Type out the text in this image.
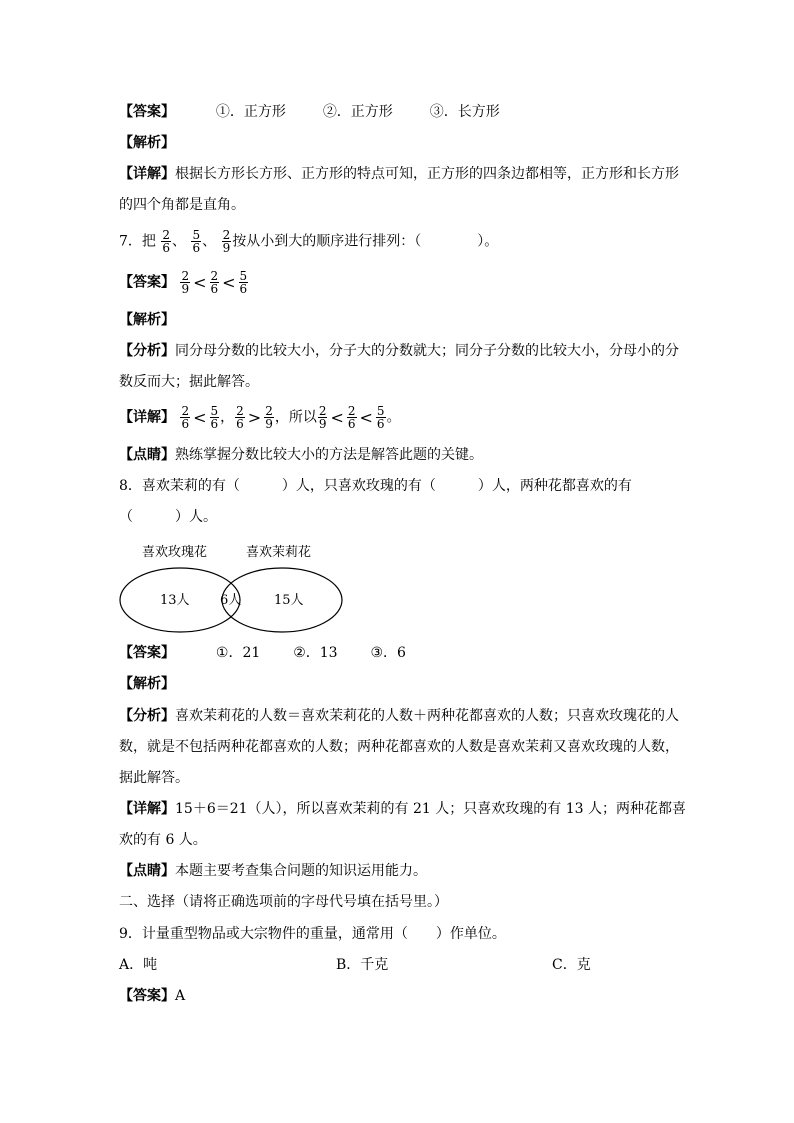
【答案】	①．正方形	②．正方形	③．长方形
【解析】
【详解】根据长方形长方形、正方形的特点可知，正方形的四条边都相等，正方形和长方形
的四个角都是直角。
7．把 $\frac{2}{6}$ 、 $\frac{5}{6}$ 、 $\frac{2}{9}$ 按从小到大的顺序进行排列：（　　　　）。
【答案】 $\frac{2}{9} < \frac{2}{6} < \frac{5}{6}$
【解析】
【分析】同分母分数的比较大小，分子大的分数就大；同分子分数的比较大小，分母小的分
数反而大；据此解答。
【详解】 $\frac{2}{6} < \frac{5}{6}$ ， $\frac{2}{6} > \frac{2}{9}$ ，所以 $\frac{2}{9} < \frac{2}{6} < \frac{5}{6}$ 。
【点睛】熟练掌握分数比较大小的方法是解答此题的关键。
8．喜欢茉莉的有（　　　）人，只喜欢玫瑰的有（　　　）人，两种花都喜欢的有
（　　　）人。
喜欢玫瑰花	喜欢茉莉花
13人 6人	15人
【答案】	①．21 ②．13 ③．6
【解析】
【分析】喜欢茉莉花的人数＝喜欢茉莉花的人数＋两种花都喜欢的人数；只喜欢玫瑰花的人
数，就是不包括两种花都喜欢的人数；两种花都喜欢的人数是喜欢茉莉又喜欢玫瑰的人数，
据此解答。
【详解】15＋6＝21（人），所以喜欢茉莉的有 21 人；只喜欢玫瑰的有 13 人；两种花都喜
欢的有 6 人。
【点睛】本题主要考查集合问题的知识运用能力。
二、选择（请将正确选项前的字母代号填在括号里。）
9．计量重型物品或大宗物件的重量，通常用（　　）作单位。
A．吨	B．千克	C．克
【答案】A
